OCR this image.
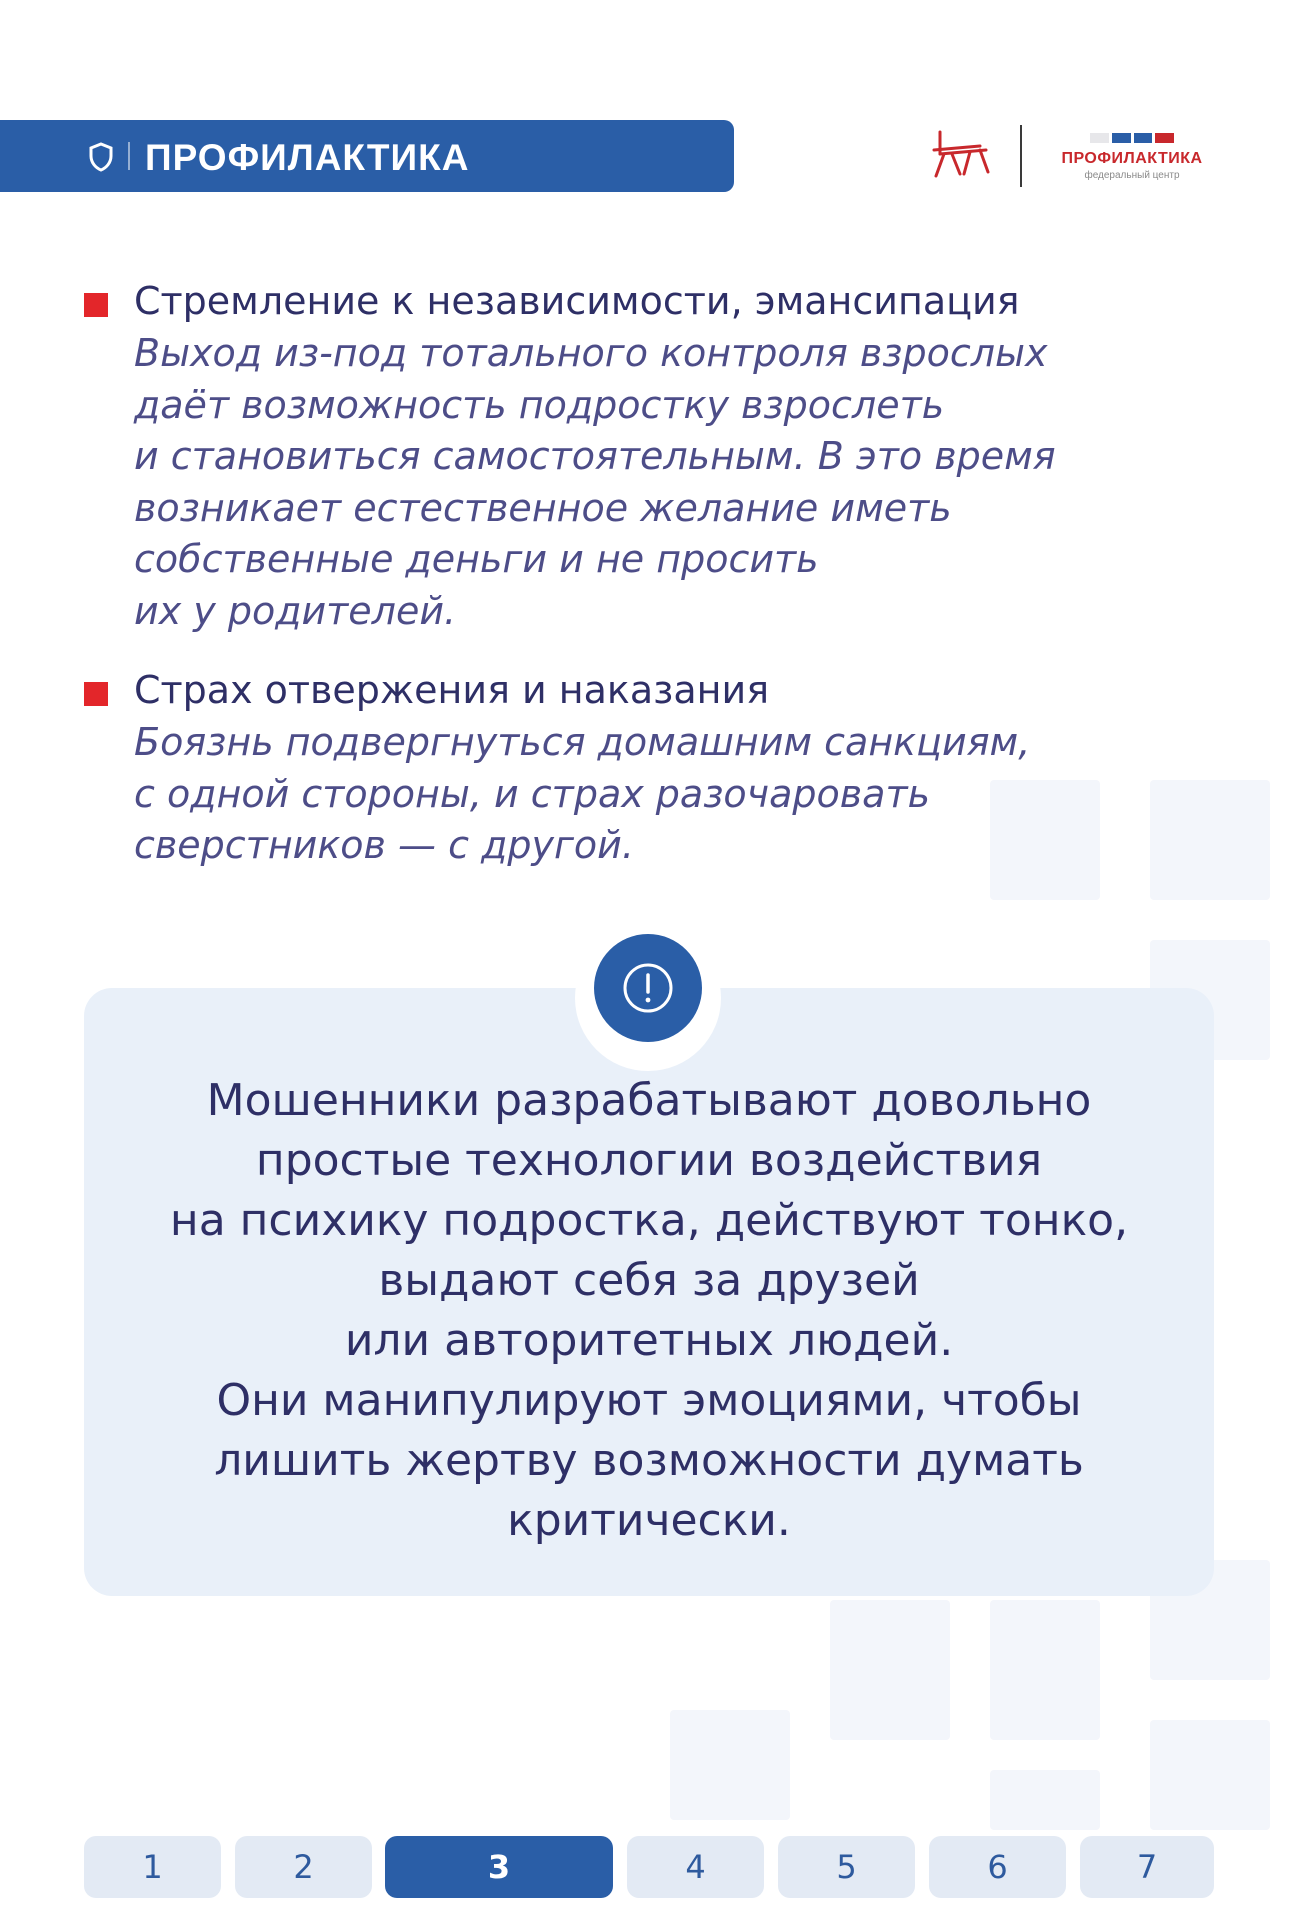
ПРОФИЛАКТИКА	ПРОФИЛАКТИКА
федеральный центр
Стремление к независимости, эмансипация
Выход из-под тотального контроля взрослых
даёт возможность подростку взрослеть
и становиться самостоятельным. В это время
возникает естественное желание иметь
собственные деньги и не просить
их у родителей.
Страх отвержения и наказания
Боязнь подвергнуться домашним санкциям,
с одной стороны, и страх разочаровать
сверстников — с другой.
Мошенники разрабатывают довольно
простые технологии воздействия
на психику подростка, действуют тонко,
выдают себя за друзей
или авторитетных людей.
Они манипулируют эмоциями, чтобы
лишить жертву возможности думать
критически.
1	2	3	4	5	6	7
